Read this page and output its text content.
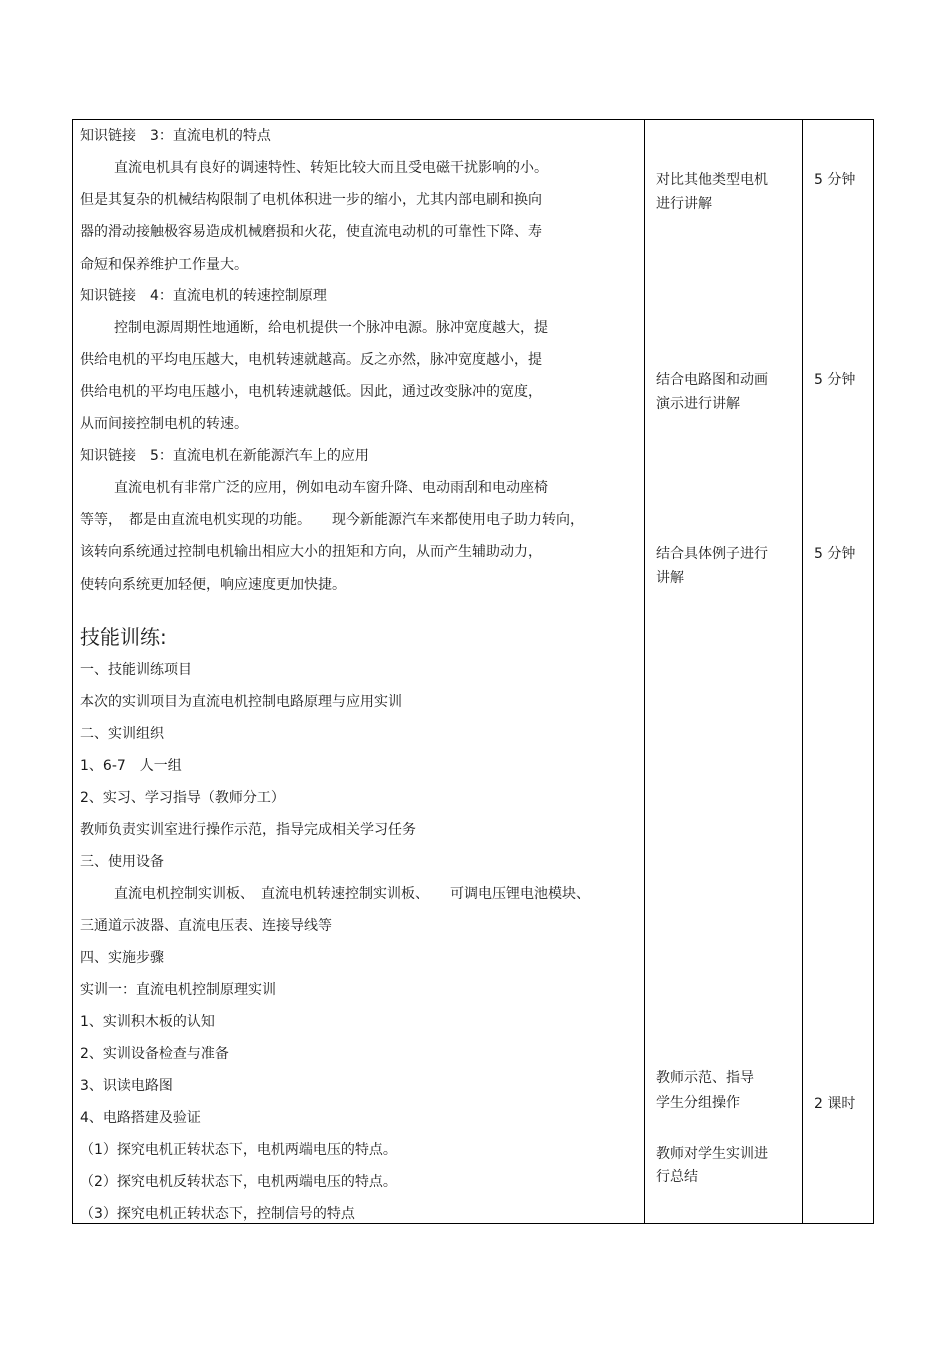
知识链接　3：直流电机的特点
直流电机具有良好的调速特性、转矩比较大而且受电磁干扰影响的小。
但是其复杂的机械结构限制了电机体积进一步的缩小，尤其内部电刷和换向
器的滑动接触极容易造成机械磨损和火花，使直流电动机的可靠性下降、寿
命短和保养维护工作量大。
知识链接　4：直流电机的转速控制原理
控制电源周期性地通断，给电机提供一个脉冲电源。脉冲宽度越大，提
供给电机的平均电压越大，电机转速就越高。反之亦然，脉冲宽度越小，提
供给电机的平均电压越小，电机转速就越低。因此，通过改变脉冲的宽度，
从而间接控制电机的转速。
知识链接　5：直流电机在新能源汽车上的应用
直流电机有非常广泛的应用，例如电动车窗升降、电动雨刮和电动座椅
等等，　都是由直流电机实现的功能。　　现今新能源汽车来都使用电子助力转向，
该转向系统通过控制电机输出相应大小的扭矩和方向，从而产生辅助动力，
使转向系统更加轻便，响应速度更加快捷。
技能训练:
一、技能训练项目
本次的实训项目为直流电机控制电路原理与应用实训
二、实训组织
1、6-7　人一组
2、实习、学习指导（教师分工）
教师负责实训室进行操作示范，指导完成相关学习任务
三、使用设备
直流电机控制实训板、　直流电机转速控制实训板、　　可调电压锂电池模块、
三通道示波器、直流电压表、连接导线等
四、实施步骤
实训一：直流电机控制原理实训
1、实训积木板的认知
2、实训设备检查与准备
3、识读电路图
4、电路搭建及验证
（1）探究电机正转状态下，电机两端电压的特点。
（2）探究电机反转状态下，电机两端电压的特点。
（3）探究电机正转状态下，控制信号的特点
对比其他类型电机
进行讲解
结合电路图和动画
演示进行讲解
结合具体例子进行
讲解
教师示范、指导
学生分组操作
教师对学生实训进
行总结
5 分钟
5 分钟
5 分钟
2 课时
